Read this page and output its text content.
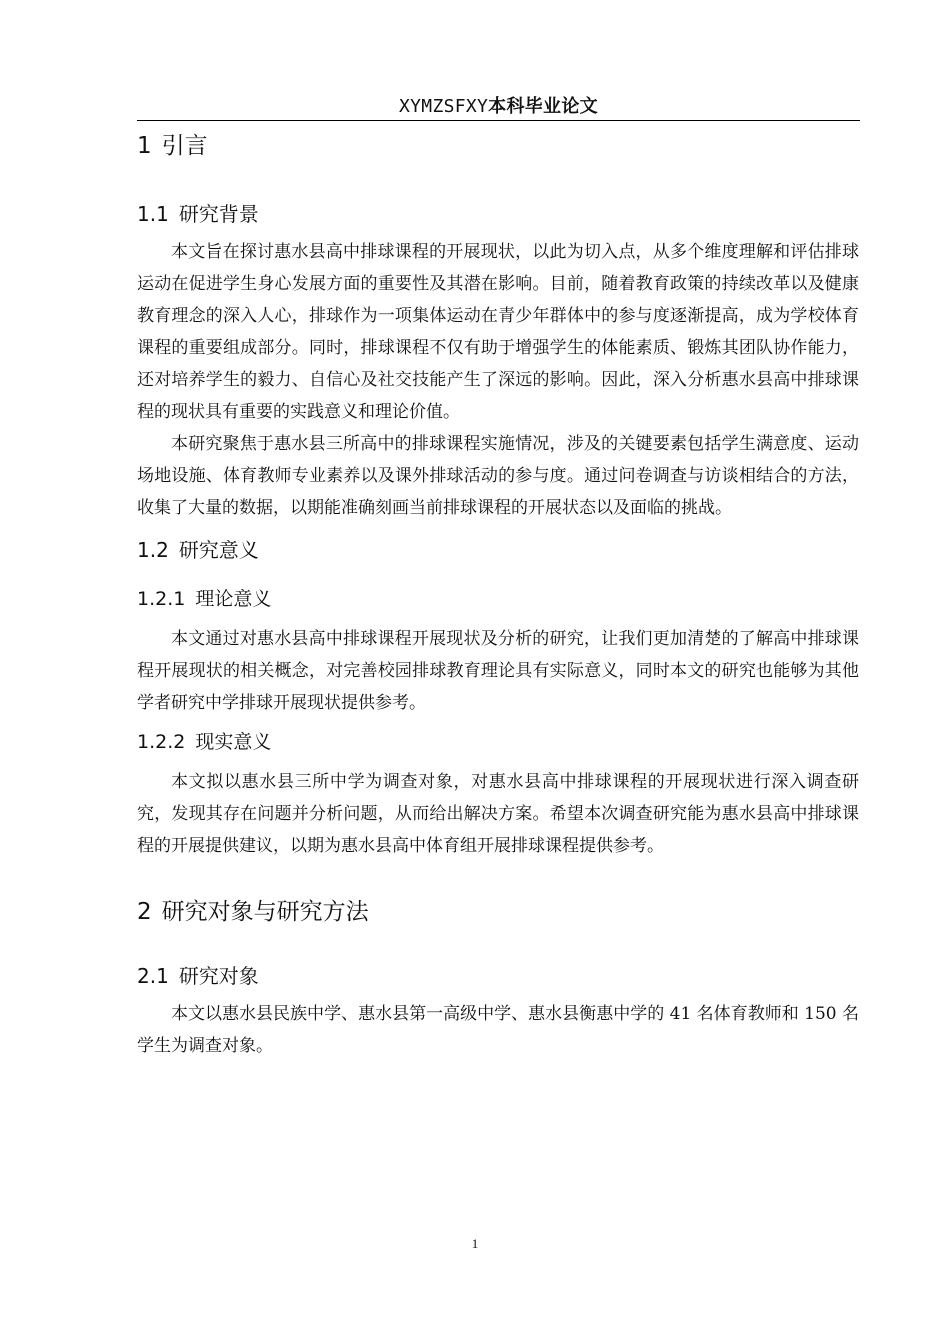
XYMZSFXY本科毕业论文
1 引言
1.1 研究背景

本文旨在探讨惠水县高中排球课程的开展现状，以此为切入点，从多个维度理解和评估排球运动在促进学生身心发展方面的重要性及其潜在影响。目前，随着教育政策的持续改革以及健康教育理念的深入人心，排球作为一项集体运动在青少年群体中的参与度逐渐提高，成为学校体育课程的重要组成部分。同时，排球课程不仅有助于增强学生的体能素质、锻炼其团队协作能力，还对培养学生的毅力、自信心及社交技能产生了深远的影响。因此，深入分析惠水县高中排球课程的现状具有重要的实践意义和理论价值。

本研究聚焦于惠水县三所高中的排球课程实施情况，涉及的关键要素包括学生满意度、运动场地设施、体育教师专业素养以及课外排球活动的参与度。通过问卷调查与访谈相结合的方法，收集了大量的数据，以期能准确刻画当前排球课程的开展状态以及面临的挑战。

1.2 研究意义
1.2.1 理论意义

本文通过对惠水县高中排球课程开展现状及分析的研究，让我们更加清楚的了解高中排球课程开展现状的相关概念，对完善校园排球教育理论具有实际意义，同时本文的研究也能够为其他学者研究中学排球开展现状提供参考。

1.2.2 现实意义

本文拟以惠水县三所中学为调查对象，对惠水县高中排球课程的开展现状进行深入调查研究，发现其存在问题并分析问题，从而给出解决方案。希望本次调查研究能为惠水县高中排球课程的开展提供建议，以期为惠水县高中体育组开展排球课程提供参考。

2 研究对象与研究方法
2.1 研究对象

本文以惠水县民族中学、惠水县第一高级中学、惠水县衡惠中学的 41 名体育教师和 150 名学生为调查对象。

1
